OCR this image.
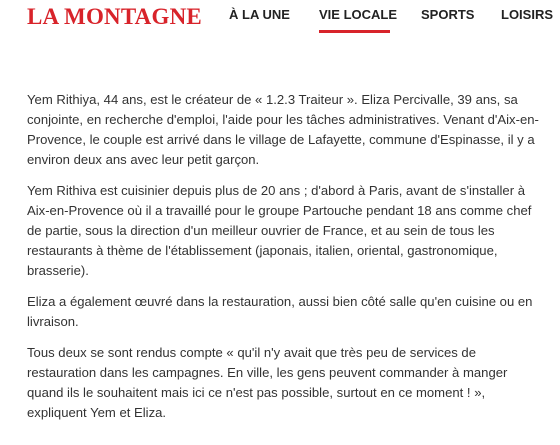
LA MONTAGNE À LA UNE VIE LOCALE SPORTS LOISIRS

Yem Rithiya, 44 ans, est le créateur de « 1.2.3 Traiteur ». Eliza Percivalle, 39 ans, sa conjointe, en recherche d'emploi, l'aide pour les tâches administratives. Venant d'Aix-en-Provence, le couple est arrivé dans le village de Lafayette, commune d'Espinasse, il y a environ deux ans avec leur petit garçon.

Yem Rithiva est cuisinier depuis plus de 20 ans ; d'abord à Paris, avant de s'installer à Aix-en-Provence où il a travaillé pour le groupe Partouche pendant 18 ans comme chef de partie, sous la direction d'un meilleur ouvrier de France, et au sein de tous les restaurants à thème de l'établissement (japonais, italien, oriental, gastronomique, brasserie).

Eliza a également œuvré dans la restauration, aussi bien côté salle qu'en cuisine ou en livraison.

Tous deux se sont rendus compte « qu'il n'y avait que très peu de services de restauration dans les campagnes. En ville, les gens peuvent commander à manger quand ils le souhaitent mais ici ce n'est pas possible, surtout en ce moment ! », expliquent Yem et Eliza.
